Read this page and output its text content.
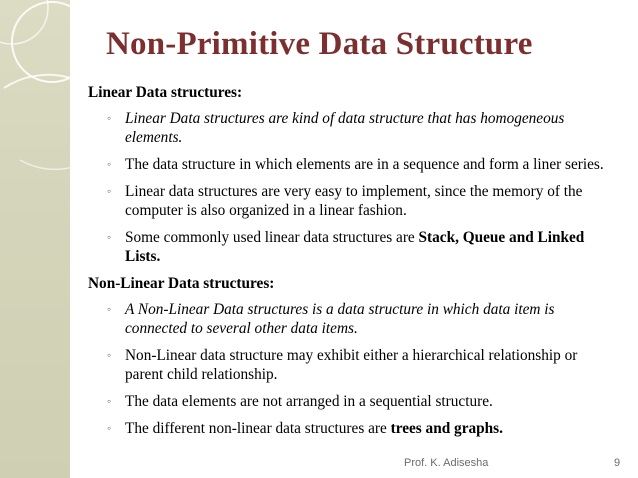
Non-Primitive Data Structure
Linear Data structures:
◦ Linear Data structures are kind of data structure that has homogeneous elements.
◦ The data structure in which elements are in a sequence and form a liner series.
◦ Linear data structures are very easy to implement, since the memory of the computer is also organized in a linear fashion.
◦ Some commonly used linear data structures are Stack, Queue and Linked Lists.
Non-Linear Data structures:
◦ A Non-Linear Data structures is a data structure in which data item is connected to several other data items.
◦ Non-Linear data structure may exhibit either a hierarchical relationship or parent child relationship.
◦ The data elements are not arranged in a sequential structure.
◦ The different non-linear data structures are trees and graphs.
Prof. K. Adisesha	9
